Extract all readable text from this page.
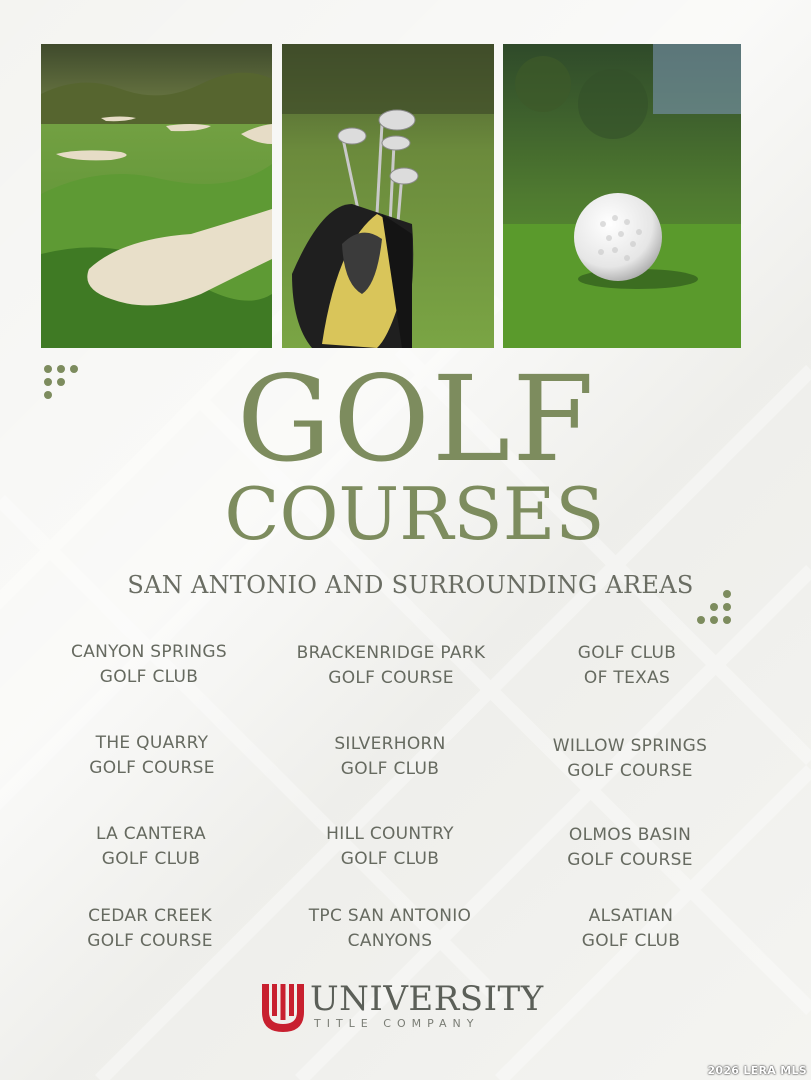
GOLF
COURSES
SAN ANTONIO AND SURROUNDING AREAS
CANYON SPRINGS
GOLF CLUB
BRACKENRIDGE PARK
GOLF COURSE
GOLF CLUB
OF TEXAS
THE QUARRY
GOLF COURSE
SILVERHORN
GOLF CLUB
WILLOW SPRINGS
GOLF COURSE
LA CANTERA
GOLF CLUB
HILL COUNTRY
GOLF CLUB
OLMOS BASIN
GOLF COURSE
CEDAR CREEK
GOLF COURSE
TPC SAN ANTONIO
CANYONS
ALSATIAN
GOLF CLUB
UNIVERSITY
TITLE COMPANY
2026 LERA MLS
